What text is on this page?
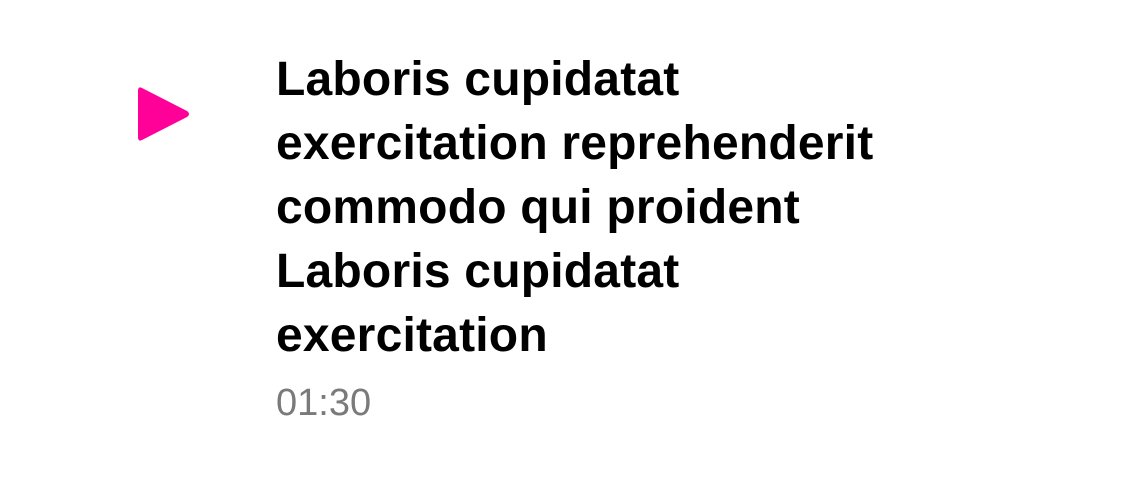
Laboris cupidatat
exercitation reprehenderit
commodo qui proident
Laboris cupidatat
exercitation
01:30
